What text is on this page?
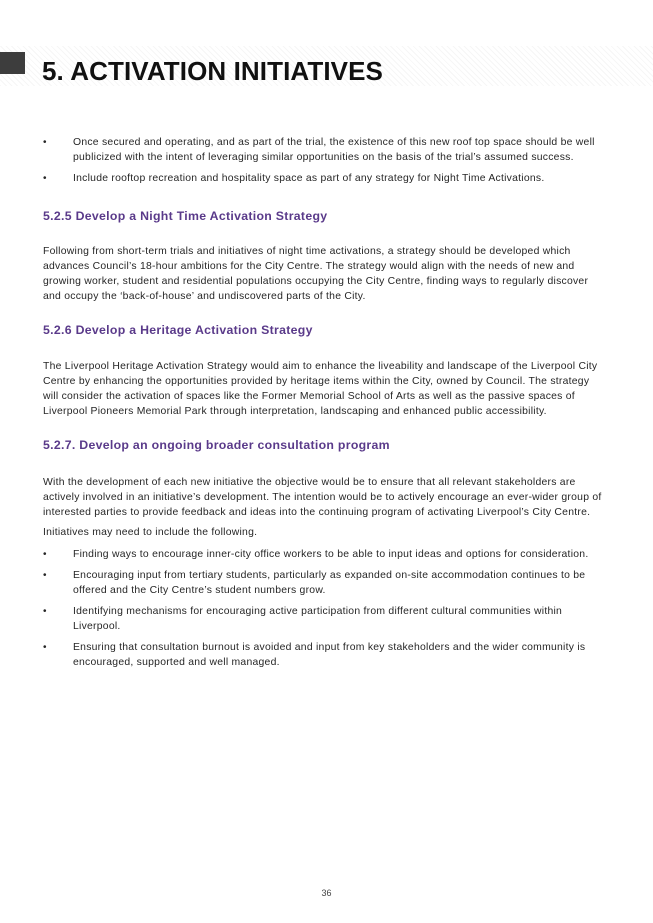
5. ACTIVATION INITIATIVES
•	Once secured and operating, and as part of the trial, the existence of this new roof top space should be well publicized with the intent of leveraging similar opportunities on the basis of the trial’s assumed success.
•	Include rooftop recreation and hospitality space as part of any strategy for Night Time Activations.
5.2.5 Develop a Night Time Activation Strategy

Following from short-term trials and initiatives of night time activations, a strategy should be developed which advances Council’s 18-hour ambitions for the City Centre. The strategy would align with the needs of new and growing worker, student and residential populations occupying the City Centre, finding ways to regularly discover and occupy the ‘back-of-house’ and undiscovered parts of the City.

5.2.6 Develop a Heritage Activation Strategy

The Liverpool Heritage Activation Strategy would aim to enhance the liveability and landscape of the Liverpool City Centre by enhancing the opportunities provided by heritage items within the City, owned by Council. The strategy will consider the activation of spaces like the Former Memorial School of Arts as well as the passive spaces of Liverpool Pioneers Memorial Park through interpretation, landscaping and enhanced public accessibility.

5.2.7. Develop an ongoing broader consultation program

With the development of each new initiative the objective would be to ensure that all relevant stakeholders are actively involved in an initiative’s development. The intention would be to actively encourage an ever-wider group of interested parties to provide feedback and ideas into the continuing program of activating Liverpool’s City Centre.

Initiatives may need to include the following.

•	Finding ways to encourage inner-city office workers to be able to input ideas and options for consideration.
•	Encouraging input from tertiary students, particularly as expanded on-site accommodation continues to be offered and the City Centre’s student numbers grow.
•	Identifying mechanisms for encouraging active participation from different cultural communities within Liverpool.
•	Ensuring that consultation burnout is avoided and input from key stakeholders and the wider community is encouraged, supported and well managed.
36
